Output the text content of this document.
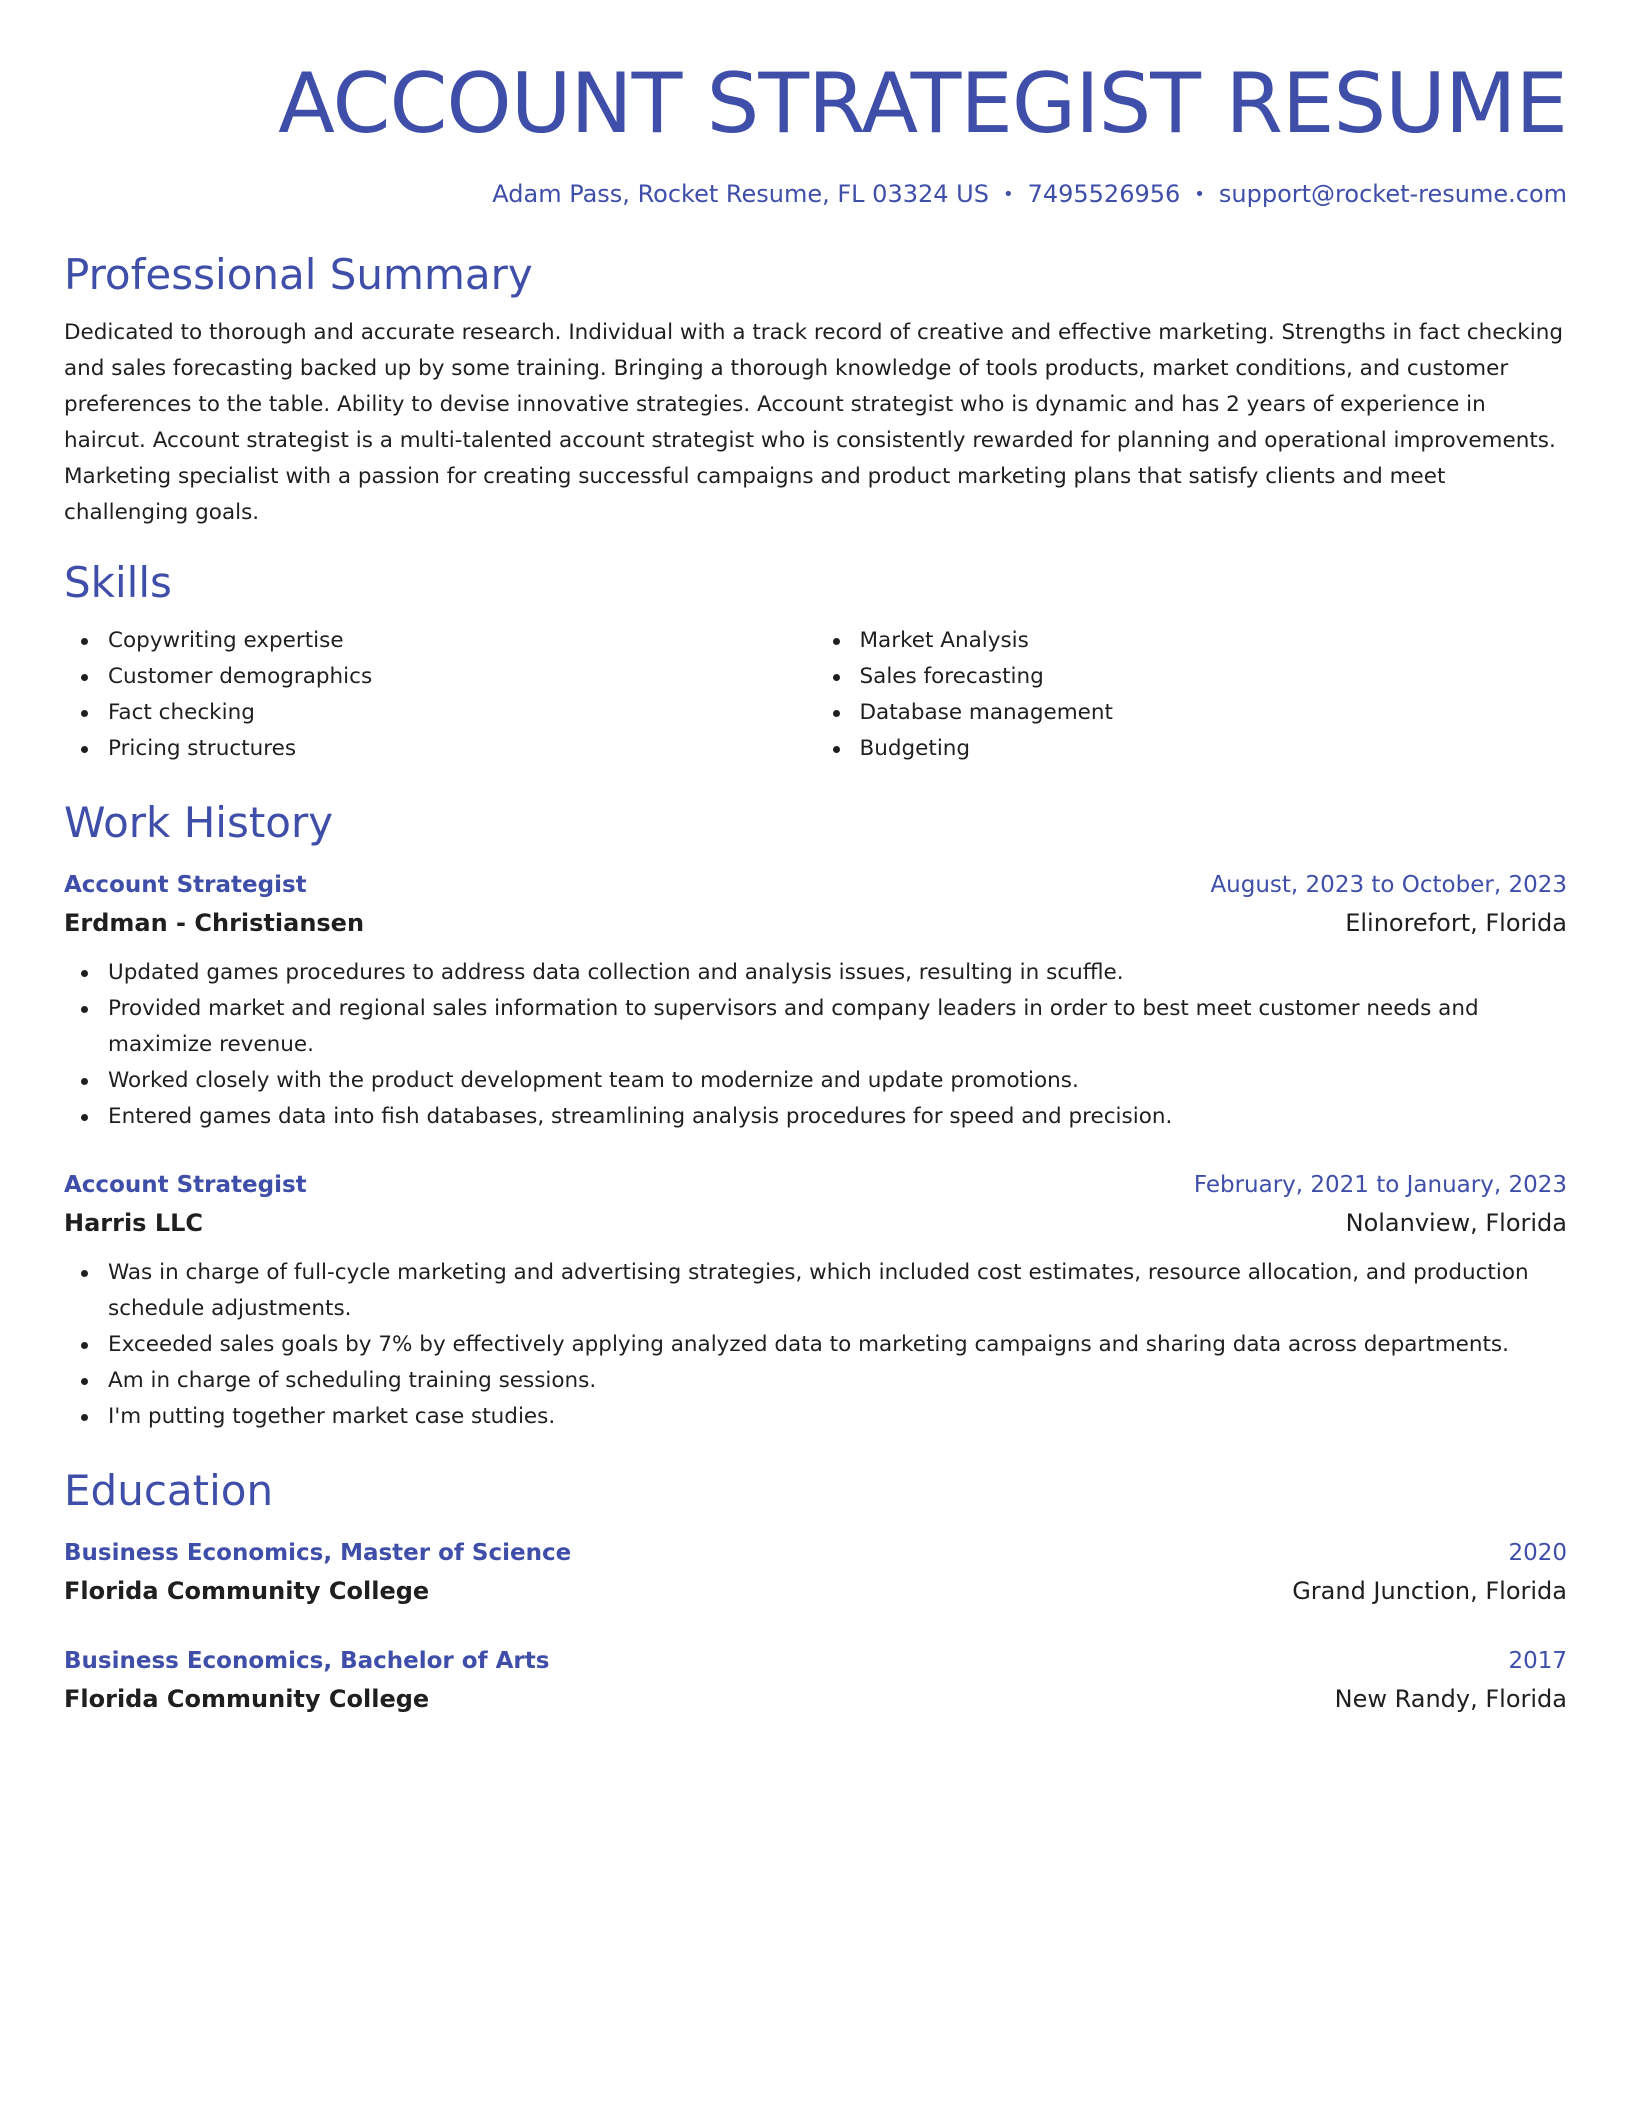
ACCOUNT STRATEGIST RESUME
Adam Pass, Rocket Resume, FL 03324 US • 7495526956 • support@rocket-resume.com
Professional Summary

Dedicated to thorough and accurate research. Individual with a track record of creative and effective marketing. Strengths in fact checking and sales forecasting backed up by some training. Bringing a thorough knowledge of tools products, market conditions, and customer preferences to the table. Ability to devise innovative strategies. Account strategist who is dynamic and has 2 years of experience in haircut. Account strategist is a multi-talented account strategist who is consistently rewarded for planning and operational improvements. Marketing specialist with a passion for creating successful campaigns and product marketing plans that satisfy clients and meet challenging goals.

Skills
Copywriting expertise
Customer demographics
Fact checking
Pricing structures
Market Analysis
Sales forecasting
Database management
Budgeting
Work History
Account Strategist	August, 2023 to October, 2023
Erdman - Christiansen	Elinorefort, Florida
Updated games procedures to address data collection and analysis issues, resulting in scuffle.
Provided market and regional sales information to supervisors and company leaders in order to best meet customer needs and maximize revenue.
Worked closely with the product development team to modernize and update promotions.
Entered games data into fish databases, streamlining analysis procedures for speed and precision.
Account Strategist	February, 2021 to January, 2023
Harris LLC	Nolanview, Florida
Was in charge of full-cycle marketing and advertising strategies, which included cost estimates, resource allocation, and production schedule adjustments.
Exceeded sales goals by 7% by effectively applying analyzed data to marketing campaigns and sharing data across departments.
Am in charge of scheduling training sessions.
I'm putting together market case studies.
Education
Business Economics, Master of Science	2020
Florida Community College	Grand Junction, Florida
Business Economics, Bachelor of Arts	2017
Florida Community College	New Randy, Florida
